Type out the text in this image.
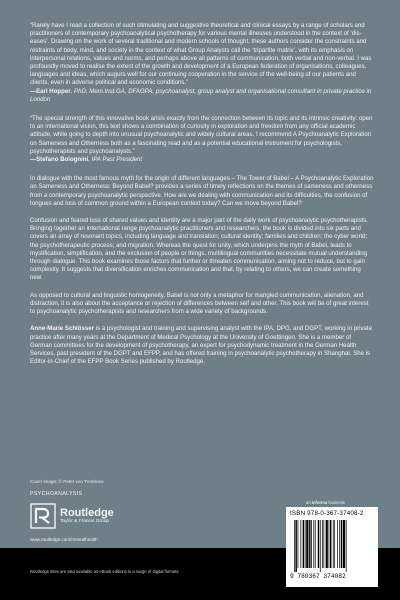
“Rarely have I read a collection of such stimulating and suggestive theoretical and clinical essays by a range of scholars and practitioners of contemporary psychoanalytical psychotherapy for various mental illnesses understood in the context of ‘dis-eases’. Drawing on the work of several traditional and modern schools of thought, these authors consider the constraints and restraints of body, mind, and society in the context of what Group Analysts call the ‘tripartite matrix’, with its emphasis on interpersonal relations, values and norms, and perhaps above all patterns of communication, both verbal and non-verbal. I was profoundly moved to realise the extent of the growth and development of a European federation of organisations, colleagues, languages and ideas, which augurs well for our continuing cooperation in the service of the well-being of our patients and clients, even in adverse political and economic conditions.”

—Earl Hopper, PhD, Mem.Inst.GA, DFAGPA, psychoanalyst, group analyst and organisational consultant in private practice in London

“The special strength of this innovative book arisis exactly from the connection between its topic and its intrinsic creativity: open to an international vision, this text shows a combination of curiosity in exploration and freedom from any official academic attitude, while going to depth into unusual psychoanalytic and widely cultural areas. I recommend A Psychoanalytic Exploration on Sameness and Otherness both as a fascinating read and as a potential educational instrument for psychologists, psychotherapists and psychoanalysts.”

—Stefano Bolognini, IPA Past President

In dialogue with the most famous myth for the origin of different languages – The Tower of Babel – A Psychoanalytic Exploration on Sameness and Otherness: Beyond Babel? provides a series of timely reflections on the themes of sameness and otherness from a contemporary psychoanalytic perspective. How are we dealing with communication and its difficulties, the confusion of tongues and loss of common ground within a European context today? Can we move beyond Babel?

Confusion and feared loss of shared values and identity are a major part of the daily work of psychoanalytic psychotherapists. Bringing together an international range psychoanalytic practitioners and researchers, the book is divided into six parts and covers an array of resonant topics, including language and translation; cultural identity; families and children; the cyber world; the psychotherapeutic process; and migration. Whereas the quest for unity, which underpins the myth of Babel, leads to mystification, simplification, and the exclusion of people or things, multilingual communities necessitate mutual understanding through dialogue. This book examines those factors that further or threaten communication, aiming not to reduce, but to gain complexity. It suggests that diversification enriches communication and that, by relating to others, we can create something new.

As opposed to cultural and linguistic homogeneity, Babel is not only a metaphor for mangled communication, alienation, and distraction, it is also about the acceptance or rejection of differences between self and other. This book will be of great interest to psychoanalytic psychotherapists and researchers from a wide variety of backgrounds.

Anne-Marie Schlösser is a psychologist and training and supervising analyst with the IPA, DPG, and DGPT, working in private practice after many years at the Department of Medical Psychology at the University of Goettingen. She is a member of German committees for the development of psychotherapy, an expert for psychodynamic treatment in the German Health Services, past president of the DGPT and EFPP, and has offered training in psychoanalytic psychotherapy in Shanghai. She is Editor-in-Chief of the EFPP Book Series published by Routledge.

Cover image: © Peter von Tresckow
PSYCHOANALYSIS
Routledge
Taylor & Francis Group
www.routledge.com/mentalhealth
an informa business
Routledge titles are also available as eBook editions in a range of digital formats
ISBN 978-0-367-37408-2
9 780367 374082
